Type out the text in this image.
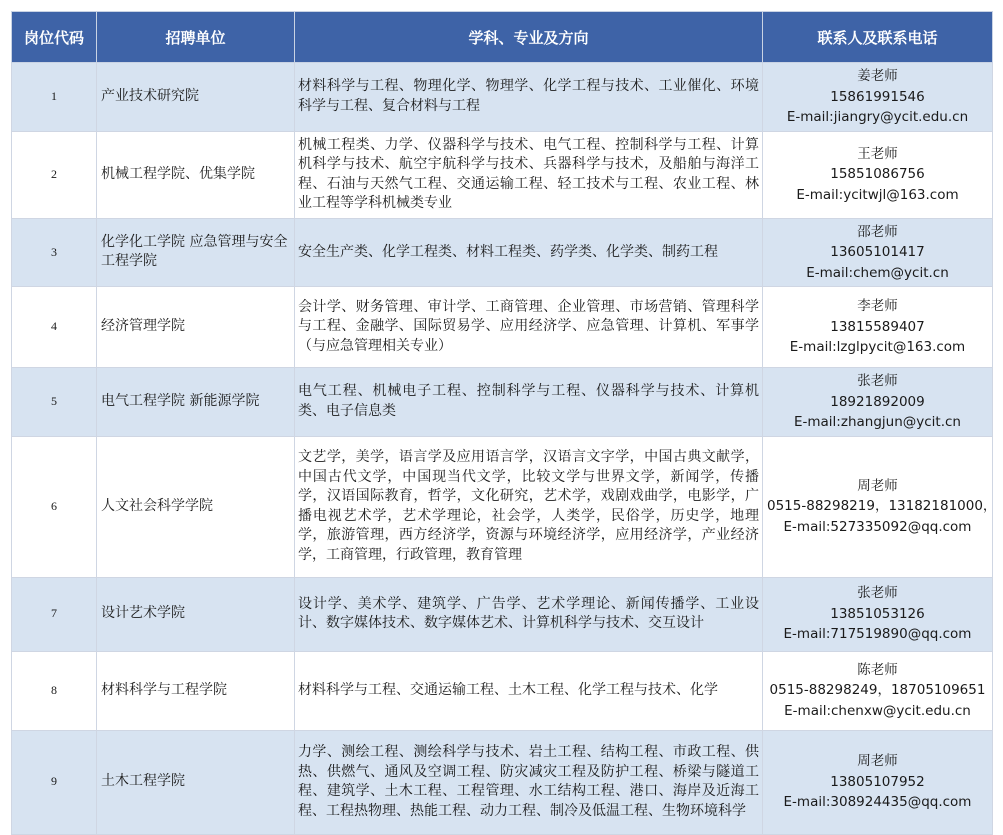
岗位代码	招聘单位	学科、专业及方向	联系人及联系电话
1	产业技术研究院	材料科学与工程、物理化学、物理学、化学工程与技术、工业催化、环境科学与工程、复合材料与工程	姜老师
15861991546
E-mail:jiangry@ycit.edu.cn

2	机械工程学院、优集学院	机械工程类、力学、仪器科学与技术、电气工程、控制科学与工程、计算机科学与技术、航空宇航科学与技术、兵器科学与技术，及船舶与海洋工程、石油与天然气工程、交通运输工程、轻工技术与工程、农业工程、林业工程等学科机械类专业	王老师
15851086756
E-mail:ycitwjl@163.com

3	化学化工学院 应急管理与安全工程学院	安全生产类、化学工程类、材料工程类、药学类、化学类、制药工程	邵老师
13605101417
E-mail:chem@ycit.cn

4	经济管理学院	会计学、财务管理、审计学、工商管理、企业管理、市场营销、管理科学与工程、金融学、国际贸易学、应用经济学、应急管理、计算机、军事学（与应急管理相关专业）	李老师
13815589407
E-mail:lzglpycit@163.com

5	电气工程学院 新能源学院	电气工程、机械电子工程、控制科学与工程、仪器科学与技术、计算机类、电子信息类	张老师
18921892009
E-mail:zhangjun@ycit.cn

6	人文社会科学学院	文艺学，美学，语言学及应用语言学，汉语言文字学，中国古典文献学，中国古代文学，中国现当代文学，比较文学与世界文学，新闻学，传播学，汉语国际教育，哲学，文化研究，艺术学，戏剧戏曲学，电影学，广播电视艺术学，艺术学理论，社会学，人类学，民俗学，历史学，地理学，旅游管理，西方经济学，资源与环境经济学，应用经济学，产业经济学，工商管理，行政管理，教育管理	周老师
0515-88298219，13182181000，
E-mail:527335092@qq.com

7	设计艺术学院	设计学、美术学、建筑学、广告学、艺术学理论、新闻传播学、工业设计、数字媒体技术、数字媒体艺术、计算机科学与技术、交互设计	张老师
13851053126
E-mail:717519890@qq.com

8	材料科学与工程学院	材料科学与工程、交通运输工程、土木工程、化学工程与技术、化学	陈老师
0515-88298249，18705109651
E-mail:chenxw@ycit.edu.cn

9	土木工程学院	力学、测绘工程、测绘科学与技术、岩土工程、结构工程、市政工程、供热、供燃气、通风及空调工程、防灾减灾工程及防护工程、桥梁与隧道工程、建筑学、土木工程、工程管理、水工结构工程、港口、海岸及近海工程、工程热物理、热能工程、动力工程、制冷及低温工程、生物环境科学	周老师
13805107952
E-mail:308924435@qq.com
